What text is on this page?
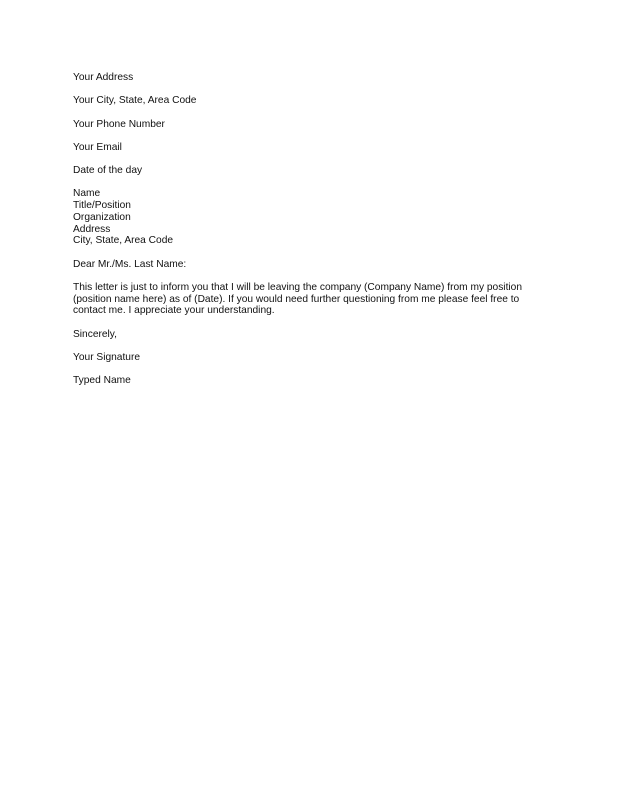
Your Address
Your City, State, Area Code
Your Phone Number
Your Email
Date of the day
Name
Title/Position
Organization
Address
City, State, Area Code
Dear Mr./Ms. Last Name:
This letter is just to inform you that I will be leaving the company (Company Name) from my position
(position name here) as of (Date). If you would need further questioning from me please feel free to
contact me. I appreciate your understanding.
Sincerely,
Your Signature
Typed Name
